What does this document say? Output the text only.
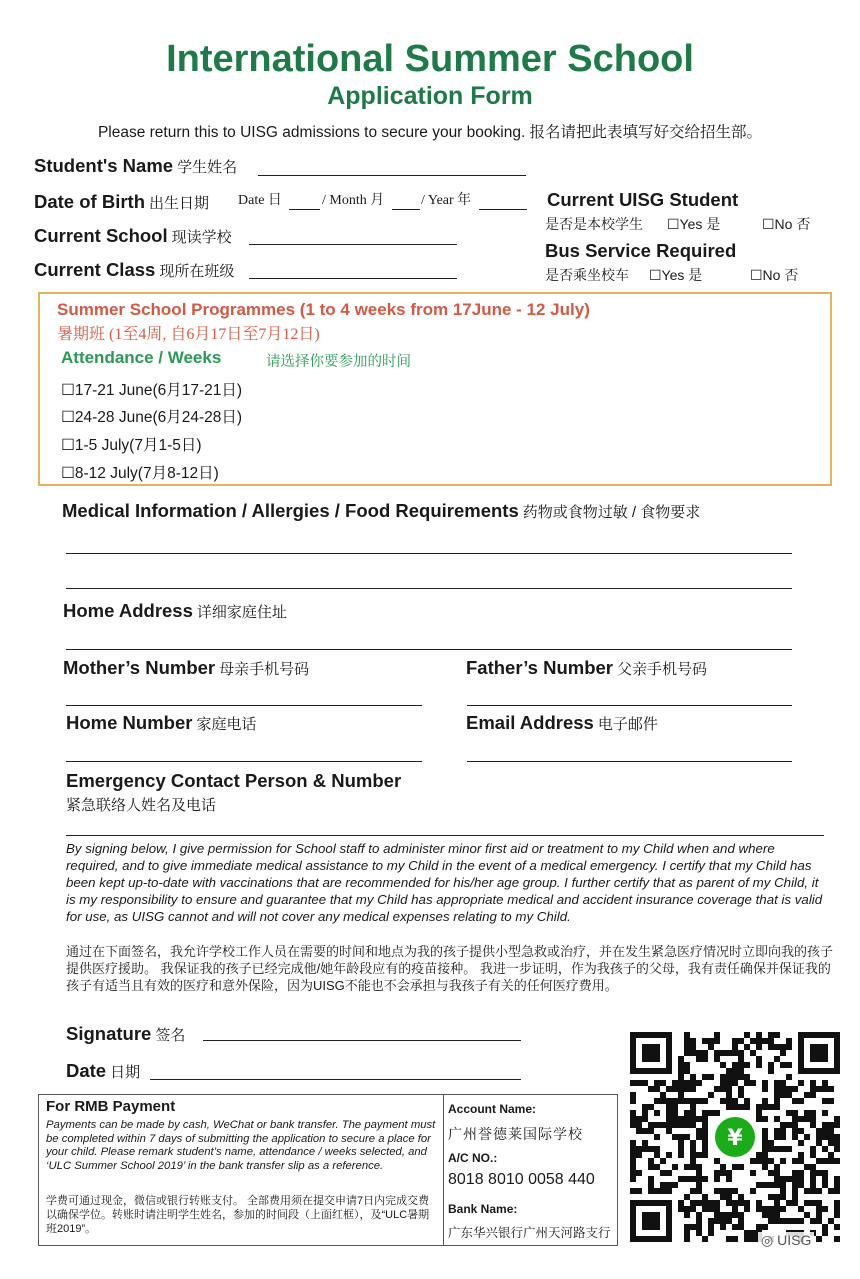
International Summer School
Application Form
Please return this to UISG admissions to secure your booking. 报名请把此表填写好交给招生部。
Student's Name 学生姓名
Date of Birth 出生日期 Date 日	/ Month 月	/ Year 年
Current School 现读学校
Current Class 现所在班级
Current UISG Student
是否是本校学生 ☐Yes 是	☐No 否
Bus Service Required
是否乘坐校车 ☐Yes 是	☐No 否
Summer School Programmes (1 to 4 weeks from 17June - 12 July)
暑期班 (1至4周, 自6月17日至7月12日)
Attendance / Weeks	请选择你要参加的时间
☐17-21 June(6月17-21日)
☐24-28 June(6月24-28日)
☐1-5 July(7月1-5日)
☐8-12 July(7月8-12日)
Medical Information / Allergies / Food Requirements 药物或食物过敏 / 食物要求
Home Address 详细家庭住址
Mother’s Number 母亲手机号码	Father’s Number 父亲手机号码
Home Number 家庭电话	Email Address 电子邮件
Emergency Contact Person & Number
紧急联络人姓名及电话
By signing below, I give permission for School staff to administer minor first aid or treatment to my Child when and where required, and to give immediate medical assistance to my Child in the event of a medical emergency. I certify that my Child has been kept up-to-date with vaccinations that are recommended for his/her age group. I further certify that as parent of my Child, it is my responsibility to ensure and guarantee that my Child has appropriate medical and accident insurance coverage that is valid for use, as UISG cannot and will not cover any medical expenses relating to my Child.
通过在下面签名，我允许学校工作人员在需要的时间和地点为我的孩子提供小型急救或治疗，并在发生紧急医疗情况时立即向我的孩子提供医疗援助。 我保证我的孩子已经完成他/她年龄段应有的疫苗接种。 我进一步证明，作为我孩子的父母，我有责任确保并保证我的孩子有适当且有效的医疗和意外保险，因为UISG不能也不会承担与我孩子有关的任何医疗费用。
Signature 签名
Date 日期
For RMB Payment
Payments can be made by cash, WeChat or bank transfer. The payment must be completed within 7 days of submitting the application to secure a place for your child. Please remark student’s name, attendance / weeks selected, and ‘ULC Summer School 2019’ in the bank transfer slip as a reference.
学费可通过现金，微信或银行转账支付。 全部费用须在提交申请7日内完成交费以确保学位。转账时请注明学生姓名，参加的时间段（上面红框），及“ULC暑期班2019”。
Account Name:
广州誉德莱国际学校
A/C NO.:
8018 8010 0058 440
Bank Name:
广东华兴银行广州天河路支行
¥
◎ UISG
